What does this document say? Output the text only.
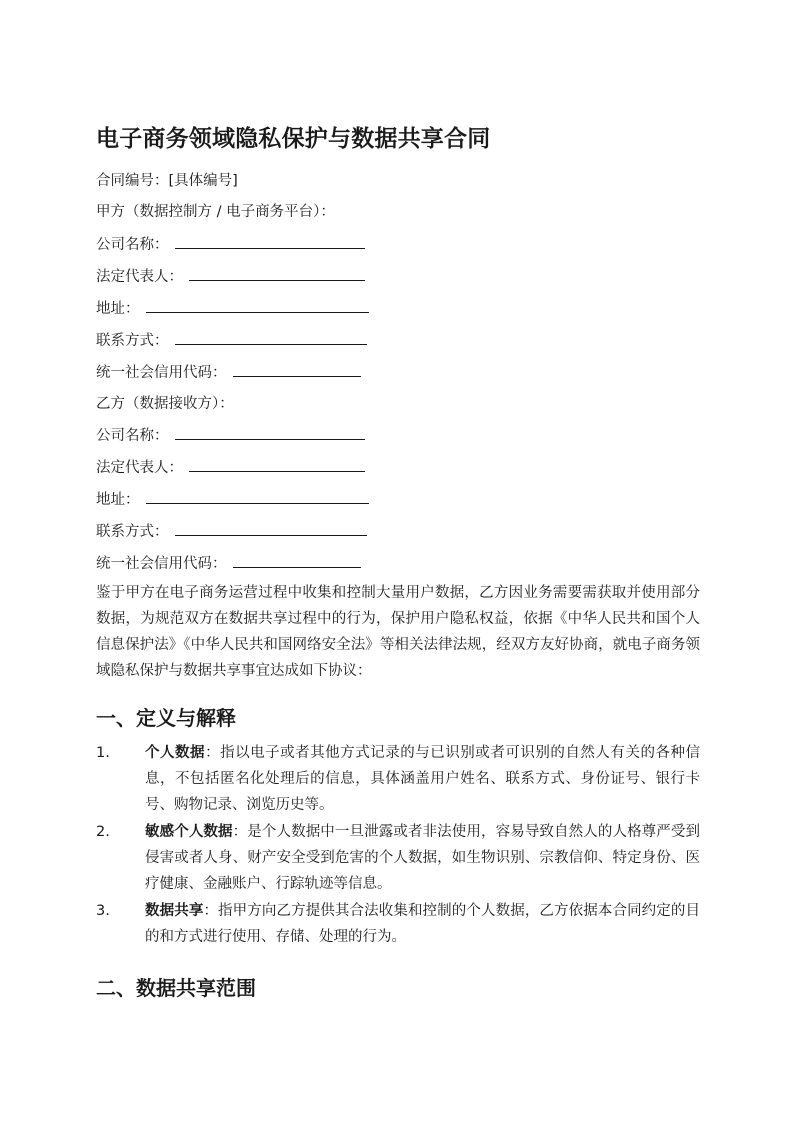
电子商务领域隐私保护与数据共享合同
合同编号：[具体编号]
甲方（数据控制方 / 电子商务平台）：
公司名称：
法定代表人：
地址：
联系方式：
统一社会信用代码：
乙方（数据接收方）：
公司名称：
法定代表人：
地址：
联系方式：
统一社会信用代码：
鉴于甲方在电子商务运营过程中收集和控制大量用户数据，乙方因业务需要需获取并使用部分数据，为规范双方在数据共享过程中的行为，保护用户隐私权益，依据《中华人民共和国个人信息保护法》《中华人民共和国网络安全法》等相关法律法规，经双方友好协商，就电子商务领域隐私保护与数据共享事宜达成如下协议：
一、定义与解释
1. 个人数据：指以电子或者其他方式记录的与已识别或者可识别的自然人有关的各种信息，不包括匿名化处理后的信息，具体涵盖用户姓名、联系方式、身份证号、银行卡号、购物记录、浏览历史等。
2. 敏感个人数据：是个人数据中一旦泄露或者非法使用，容易导致自然人的人格尊严受到侵害或者人身、财产安全受到危害的个人数据，如生物识别、宗教信仰、特定身份、医疗健康、金融账户、行踪轨迹等信息。
3. 数据共享：指甲方向乙方提供其合法收集和控制的个人数据，乙方依据本合同约定的目的和方式进行使用、存储、处理的行为。
二、数据共享范围
